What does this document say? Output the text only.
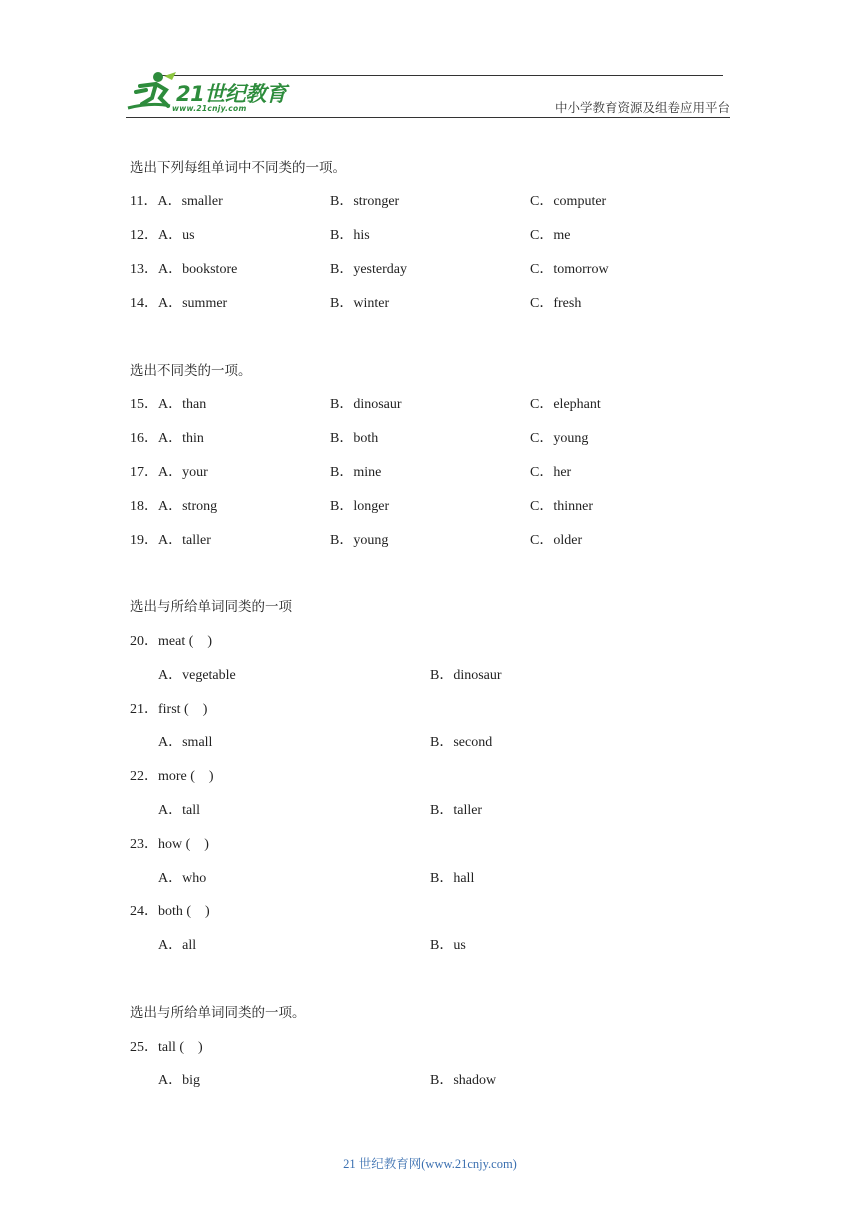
21世纪教育
www.21cnjy.com	中小学教育资源及组卷应用平台
选出下列每组单词中不同类的一项。
11．A．smaller	B．stronger	C．computer
12．A．us	B．his	C．me
13．A．bookstore	B．yesterday	C．tomorrow
14．A．summer	B．winter	C．fresh
选出不同类的一项。
15．A．than	B．dinosaur	C．elephant
16．A．thin	B．both	C．young
17．A．your	B．mine	C．her
18．A．strong	B．longer	C．thinner
19．A．taller	B．young	C．older
选出与所给单词同类的一项
20．meat (　)
A．vegetable	B．dinosaur
21．first (　)
A．small	B．second
22．more (　)
A．tall	B．taller
23．how (　)
A．who	B．hall
24．both (　)
A．all	B．us
选出与所给单词同类的一项。
25．tall (　)
A．big	B．shadow
21 世纪教育网(www.21cnjy.com)
